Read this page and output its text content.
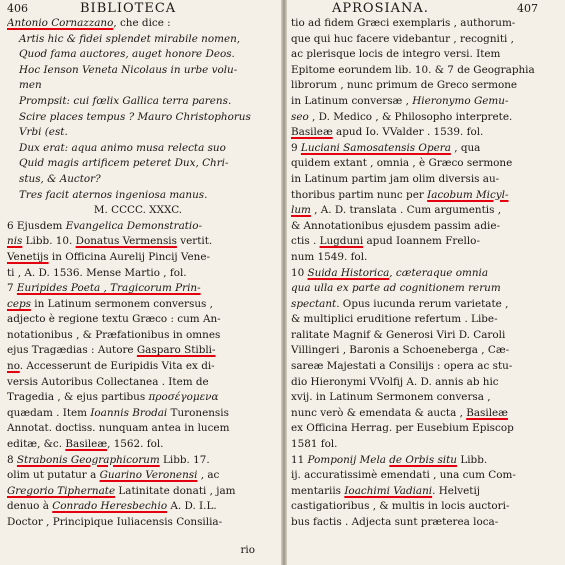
406	BIBLIOTECA
Antonio Cornazzano, che dice :
Artis hic & fidei splendet mirabile nomen,
Quod fama auctores, auget honore Deos.
Hoc Ienson Veneta Nicolaus in urbe volu-
men
Prompsit: cui fœlix Gallica terra parens.
Scire places tempus ? Mauro Christophorus
Vrbi (est.
Dux erat: aqua animo musa relecta suo
Quid magis artificem peteret Dux, Chri-
stus, & Auctor?
Tres facit aternos ingeniosa manus.
M. CCCC. XXXC.
6 Ejusdem Evangelica Demonstratio-
nis Libb. 10. Donatus Vermensis vertit.
Venetijs in Officina Aurelij Pincij Vene-
ti , A. D. 1536. Mense Martio , fol.
7 Euripides Poeta , Tragicorum Prin-
ceps in Latinum sermonem conversus ,
adjecto è regione textu Græco : cum An-
notationibus , & Præfationibus in omnes
ejus Tragædias : Autore Gasparo Stibli-
no. Accesserunt de Euripidis Vita ex di-
versis Autoribus Collectanea . Item de
Tragedia , & ejus partibus προσέγομενα
quædam . Item Ioannis Brodai Turonensis
Annotat. doctiss. nunquam antea in lucem
editæ, &c. Basileæ, 1562. fol.
8 Strabonis Geographicorum Libb. 17.
olim ut putatur a Guarino Veronensi , ac
Gregorio Tiphernate Latinitate donati , jam
denuo à Conrado Heresbechio A. D. I.L.
Doctor , Principique Iuliacensis Consilia-
rio
APROSIANA.	407
tio ad fidem Græci exemplaris , authorum-
que qui huc facere videbantur , recogniti ,
ac plerisque locis de integro versi. Item
Epitome eorundem lib. 10. & 7 de Geographia
librorum , nunc primum de Greco sermone
in Latinum conversæ , Hieronymo Gemu-
seo , D. Medico , & Philosopho interprete.
Basileæ apud Io. VValder . 1539. fol.
9 Luciani Samosatensis Opera , qua
quidem extant , omnia , è Græco sermone
in Latinum partim jam olim diversis au-
thoribus partim nunc per Iacobum Micyl-
lum , A. D. translata . Cum argumentis ,
& Annotationibus ejusdem passim adie-
ctis . Lugduni apud Ioannem Frello-
num 1549. fol.
10 Suida Historica, cæteraque omnia
qua ulla ex parte ad cognitionem rerum
spectant. Opus iucunda rerum varietate ,
& multiplici eruditione refertum . Libe-
ralitate Magnif & Generosi Viri D. Caroli
Villingeri , Baronis a Schoeneberga , Cæ-
sareæ Majestati a Consilijs : opera ac stu-
dio Hieronymi VVolfij A. D. annis ab hic
xvij. in Latinum Sermonem conversa ,
nunc verò & emendata & aucta , Basileæ
ex Officina Herrag. per Eusebium Episcop
1581 fol.
11 Pomponij Mela de Orbis situ Libb.
ij. accuratissimè emendati , una cum Com-
mentariis Ioachimi Vadiani. Helvetij
castigatioribus , & multis in locis auctori-
bus factis . Adjecta sunt præterea loca-
